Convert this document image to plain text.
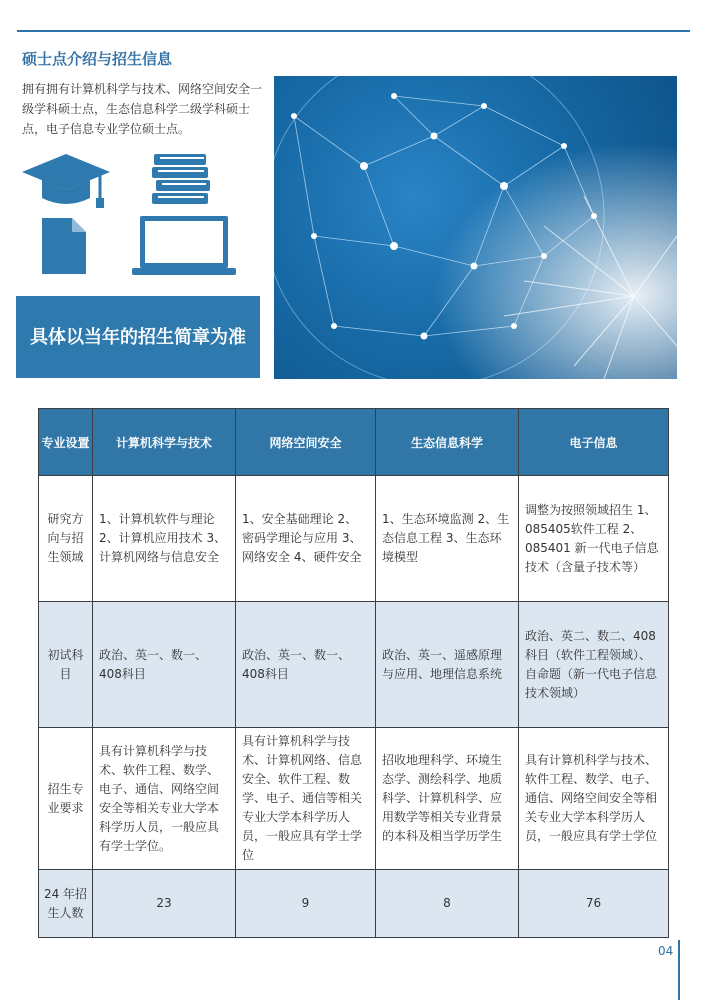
硕士点介绍与招生信息
拥有拥有计算机科学与技术、网络空间安全一级学科硕士点，生态信息科学二级学科硕士点，电子信息专业学位硕士点。
具体以当年的招生简章为准
专业设置	计算机科学与技术	网络空间安全	生态信息科学	电子信息
研究方向与招生领域	1、计算机软件与理论 2、计算机应用技术 3、计算机网络与信息安全	1、安全基础理论 2、密码学理论与应用 3、网络安全 4、硬件安全	1、生态环境监测 2、生态信息工程 3、生态环境模型	调整为按照领域招生 1、085405软件工程 2、085401 新一代电子信息技术（含量子技术等）
初试科目	政治、英一、数一、408科目	政治、英一、数一、408科目	政治、英一、遥感原理与应用、地理信息系统	政治、英二、数二、408科目（软件工程领域）、自命题（新一代电子信息技术领域）
招生专业要求	具有计算机科学与技术、软件工程、数学、电子、通信、网络空间安全等相关专业大学本科学历人员，一般应具有学士学位。	具有计算机科学与技术、计算机网络、信息安全、软件工程、数学、电子、通信等相关专业大学本科学历人员，一般应具有学士学位	招收地理科学、环境生态学、测绘科学、地质科学、计算机科学、应用数学等相关专业背景的本科及相当学历学生	具有计算机科学与技术、软件工程、数学、电子、通信、网络空间安全等相关专业大学本科学历人员，一般应具有学士学位
24 年招生人数	23	9	8	76
04
